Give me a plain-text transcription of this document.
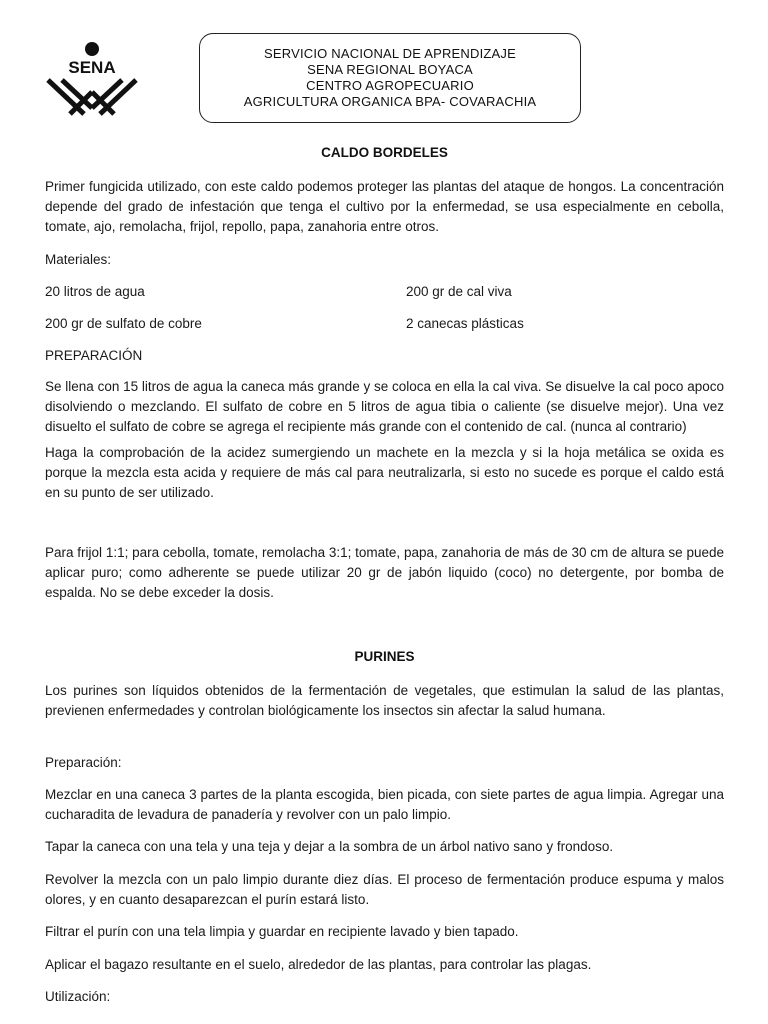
SENA
SERVICIO NACIONAL DE APRENDIZAJE
SENA REGIONAL BOYACA
CENTRO AGROPECUARIO
AGRICULTURA ORGANICA BPA- COVARACHIA
CALDO BORDELES

Primer fungicida utilizado, con este caldo podemos proteger las plantas del ataque de hongos. La concentración depende del grado de infestación que tenga el cultivo por la enfermedad, se usa especialmente en cebolla, tomate, ajo, remolacha, frijol, repollo, papa, zanahoria entre otros.

Materiales:

20 litros de agua	200 gr de cal viva
200 gr de sulfato de cobre	2 canecas plásticas

PREPARACIÓN

Se llena con 15 litros de agua la caneca más grande y se coloca en ella la cal viva. Se disuelve la cal poco apoco disolviendo o mezclando. El sulfato de cobre en 5 litros de agua tibia o caliente (se disuelve mejor). Una vez disuelto el sulfato de cobre se agrega el recipiente más grande con el contenido de cal. (nunca al contrario)

Haga la comprobación de la acidez sumergiendo un machete en la mezcla y si la hoja metálica se oxida es porque la mezcla esta acida y requiere de más cal para neutralizarla, si esto no sucede es porque el caldo está en su punto de ser utilizado.

Para frijol 1:1; para cebolla, tomate, remolacha 3:1; tomate, papa, zanahoria de más de 30 cm de altura se puede aplicar puro; como adherente se puede utilizar 20 gr de jabón liquido (coco) no detergente, por bomba de espalda. No se debe exceder la dosis.

PURINES

Los purines son líquidos obtenidos de la fermentación de vegetales, que estimulan la salud de las plantas, previenen enfermedades y controlan biológicamente los insectos sin afectar la salud humana.

Preparación:

Mezclar en una caneca 3 partes de la planta escogida, bien picada, con siete partes de agua limpia. Agregar una cucharadita de levadura de panadería y revolver con un palo limpio.

Tapar la caneca con una tela y una teja y dejar a la sombra de un árbol nativo sano y frondoso.

Revolver la mezcla con un palo limpio durante diez días. El proceso de fermentación produce espuma y malos olores, y en cuanto desaparezcan el purín estará listo.

Filtrar el purín con una tela limpia y guardar en recipiente lavado y bien tapado.

Aplicar el bagazo resultante en el suelo, alrededor de las plantas, para controlar las plagas.

Utilización:
